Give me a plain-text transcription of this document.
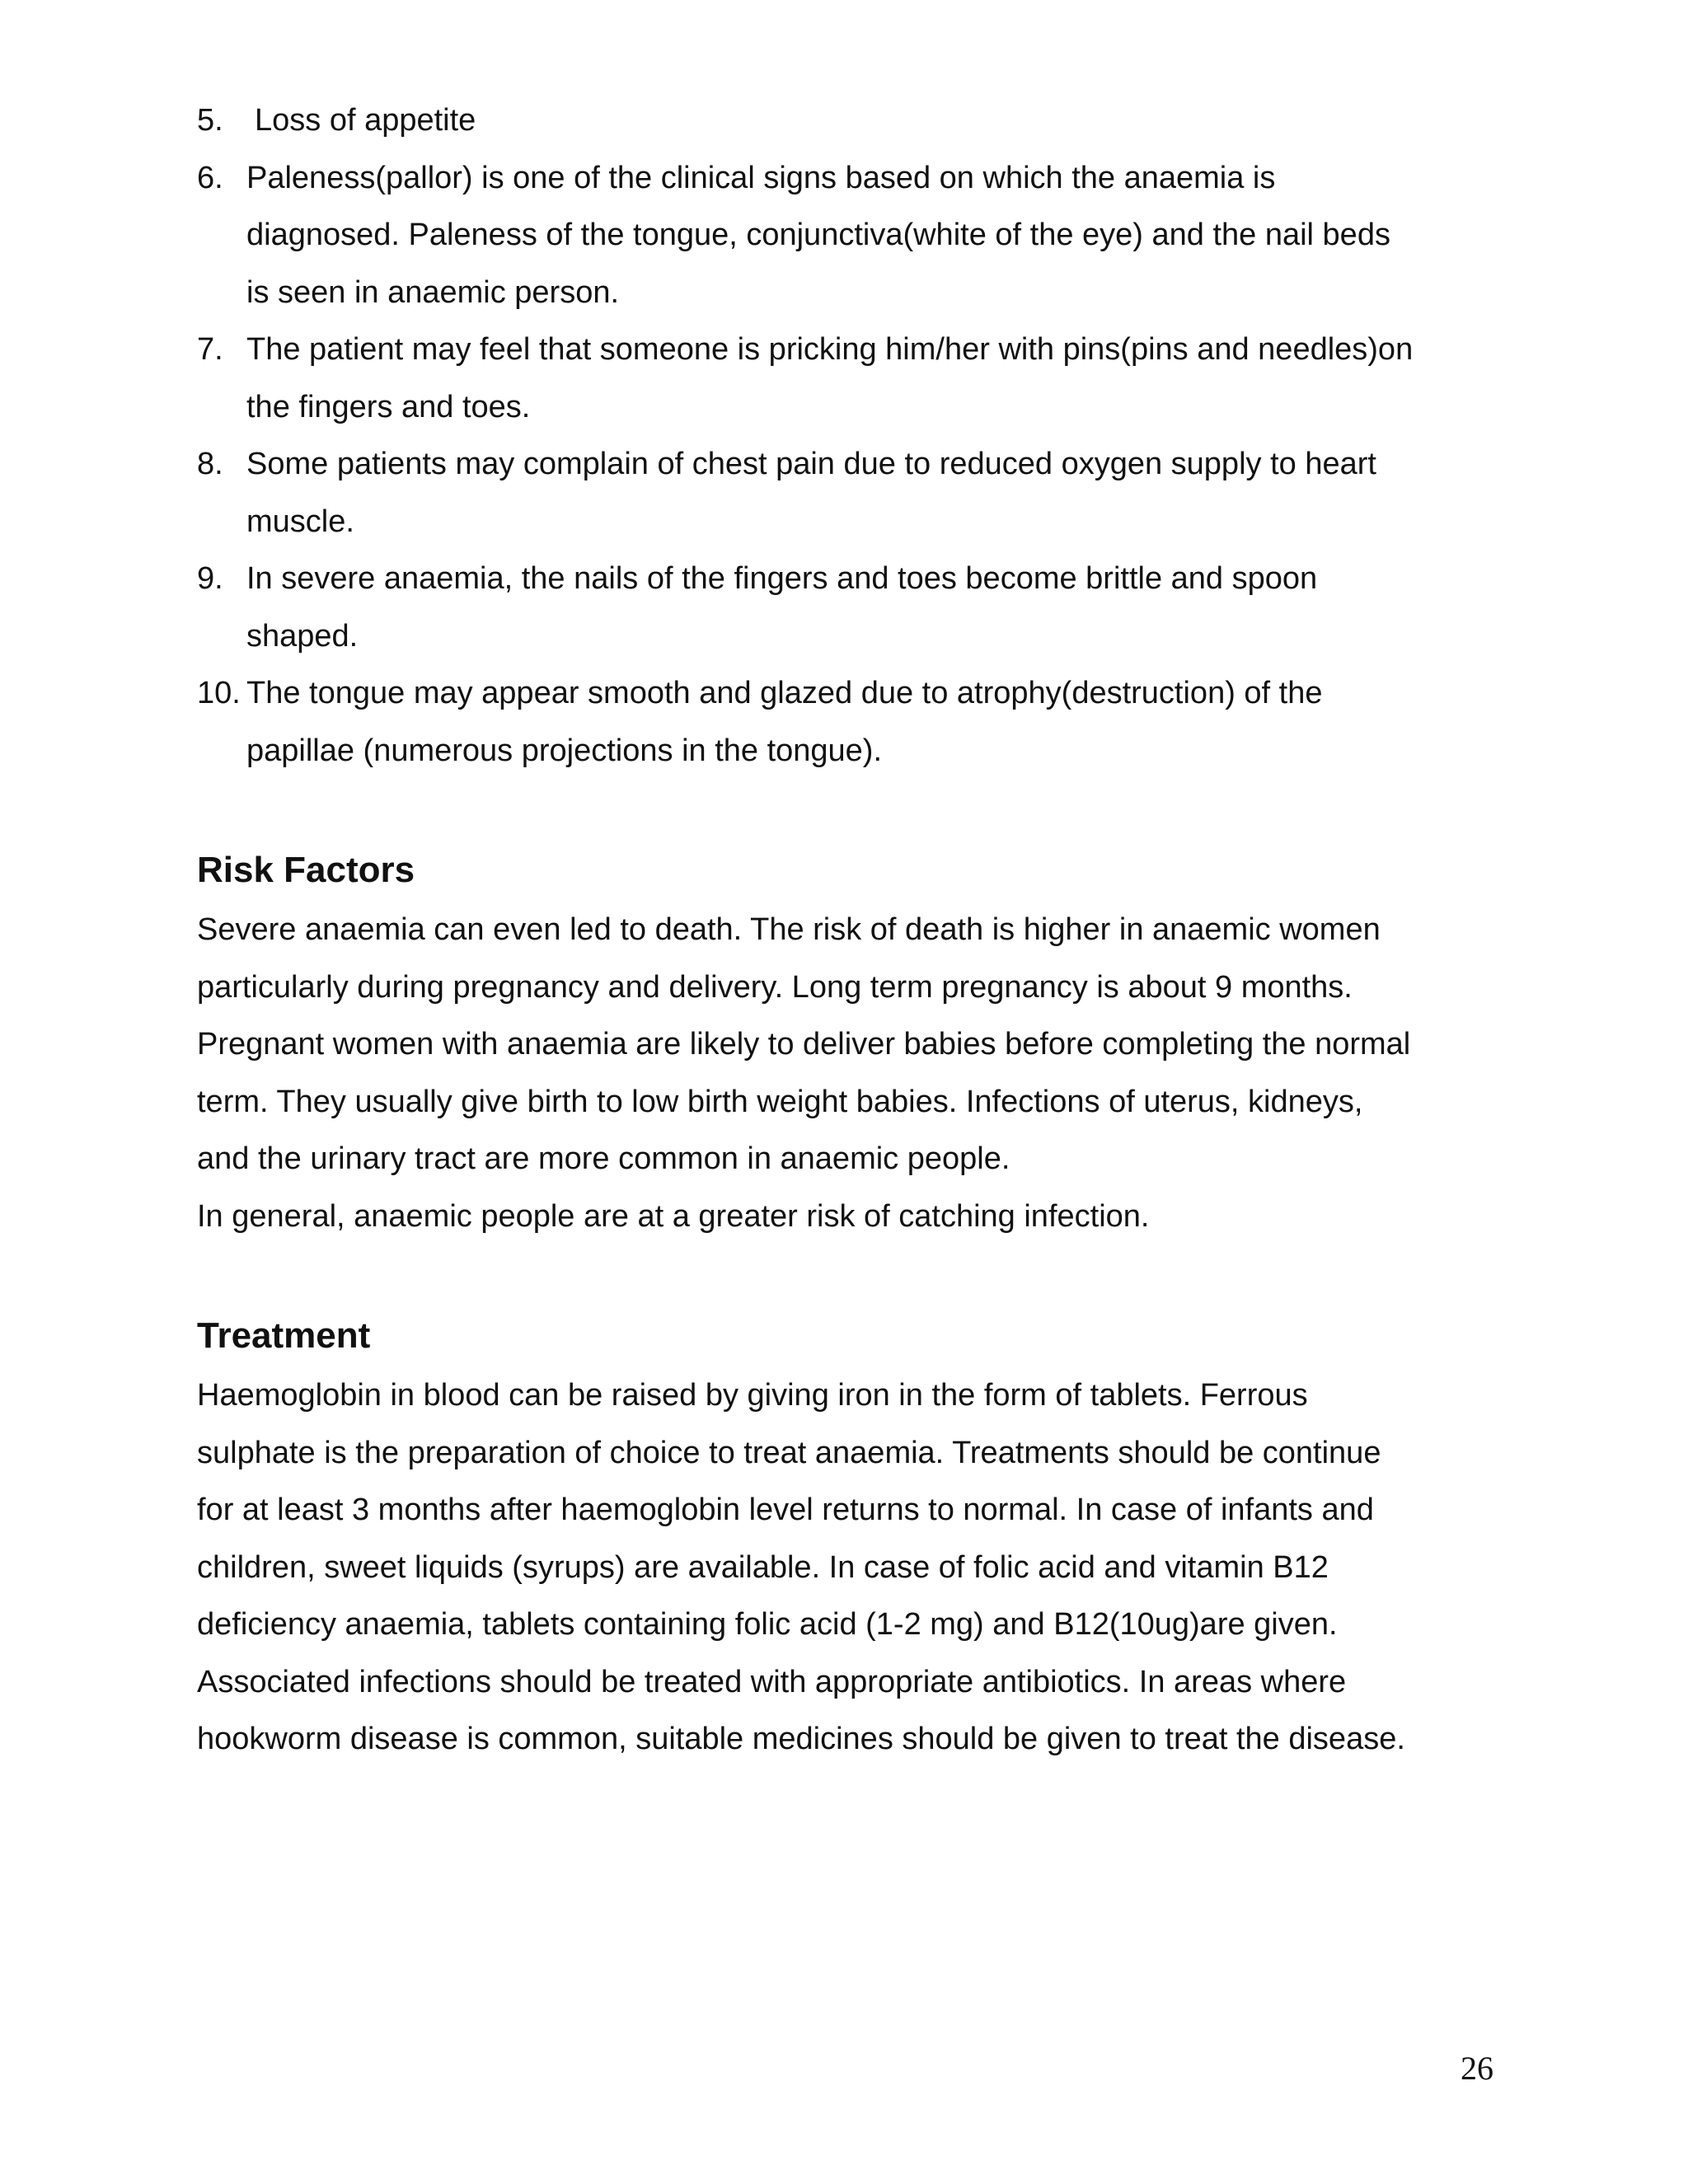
5. Loss of appetite
6. Paleness(pallor) is one of the clinical signs based on which the anaemia is
diagnosed. Paleness of the tongue, conjunctiva(white of the eye) and the nail beds
is seen in anaemic person.
7. The patient may feel that someone is pricking him/her with pins(pins and needles)on
the fingers and toes.
8. Some patients may complain of chest pain due to reduced oxygen supply to heart
muscle.
9. In severe anaemia, the nails of the fingers and toes become brittle and spoon
shaped.
10. The tongue may appear smooth and glazed due to atrophy(destruction) of the
papillae (numerous projections in the tongue).
Risk Factors

Severe anaemia can even led to death. The risk of death is higher in anaemic women
particularly during pregnancy and delivery. Long term pregnancy is about 9 months.
Pregnant women with anaemia are likely to deliver babies before completing the normal
term. They usually give birth to low birth weight babies. Infections of uterus, kidneys,
and the urinary tract are more common in anaemic people.
In general, anaemic people are at a greater risk of catching infection.

Treatment

Haemoglobin in blood can be raised by giving iron in the form of tablets. Ferrous
sulphate is the preparation of choice to treat anaemia. Treatments should be continue
for at least 3 months after haemoglobin level returns to normal. In case of infants and
children, sweet liquids (syrups) are available. In case of folic acid and vitamin B12
deficiency anaemia, tablets containing folic acid (1-2 mg) and B12(10ug)are given.
Associated infections should be treated with appropriate antibiotics. In areas where
hookworm disease is common, suitable medicines should be given to treat the disease.

26
